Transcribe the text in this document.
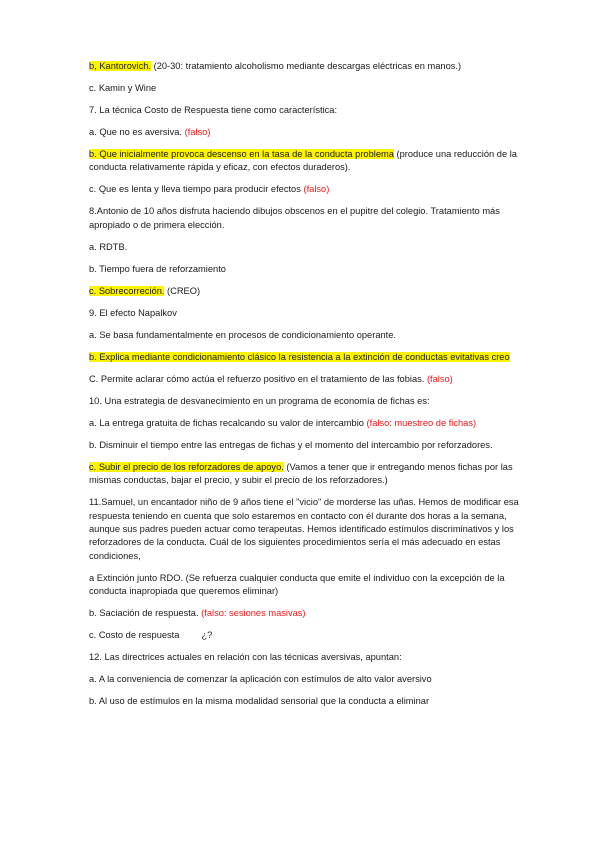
b, Kantorovich. (20-30: tratamiento alcoholismo mediante descargas eléctricas en manos.)

c. Kamin y Wine

7. La técnica Costo de Respuesta tiene como característica:

a. Que no es aversiva. (falso)

b. Que inicialmente provoca descenso en la tasa de la conducta problema (produce una reducción de la conducta relativamente rápida y eficaz, con efectos duraderos).

c. Que es lenta y lleva tiempo para producir efectos (falso)

8.Antonio de 10 años disfruta haciendo dibujos obscenos en el pupitre del colegio. Tratamiento más apropiado o de primera elección.

a. RDTB.

b. Tiempo fuera de reforzamiento

c. Sobrecorreción. (CREO)

9. El efecto Napalkov

a. Se basa fundamentalmente en procesos de condicionamiento operante.

b. Explica mediante condicionamiento clásico la resistencia a la extinción de conductas evitativas creo

C. Permite aclarar cómo actúa el refuerzo positivo en el tratamiento de las fobias. (falso)

10. Una estrategia de desvanecimiento en un programa de economía de fichas es:

a. La entrega gratuita de fichas recalcando su valor de intercambio (falso: muestreo de fichas)

b. Disminuir el tiempo entre las entregas de fichas y el momento del intercambio por reforzadores.

c. Subir el precio de los reforzadores de apoyo. (Vamos a tener que ir entregando menos fichas por las mismas conductas, bajar el precio, y subir el precio de los reforzadores.)

11.Samuel, un encantador niño de 9 años tiene el "vicio" de morderse las uñas. Hemos de modificar esa respuesta teniendo en cuenta que solo estaremos en contacto con él durante dos horas a la semana, aunque sus padres pueden actuar como terapeutas. Hemos identificado estímulos discriminativos y los reforzadores de la conducta. Cuál de los siguientes procedimientos sería el más adecuado en estas condiciones,

a Extinción junto RDO. (Se refuerza cualquier conducta que emite el individuo con la excepción de la conducta inapropiada que queremos eliminar)

b. Saciación de respuesta. (falso: sesiones masivas)

c. Costo de respuesta ¿?

12. Las directrices actuales en relación con las técnicas aversivas, apuntan:

a. A la conveniencia de comenzar la aplicación con estímulos de alto valor aversivo

b. Al uso de estímulos en la misma modalidad sensorial que la conducta a eliminar
